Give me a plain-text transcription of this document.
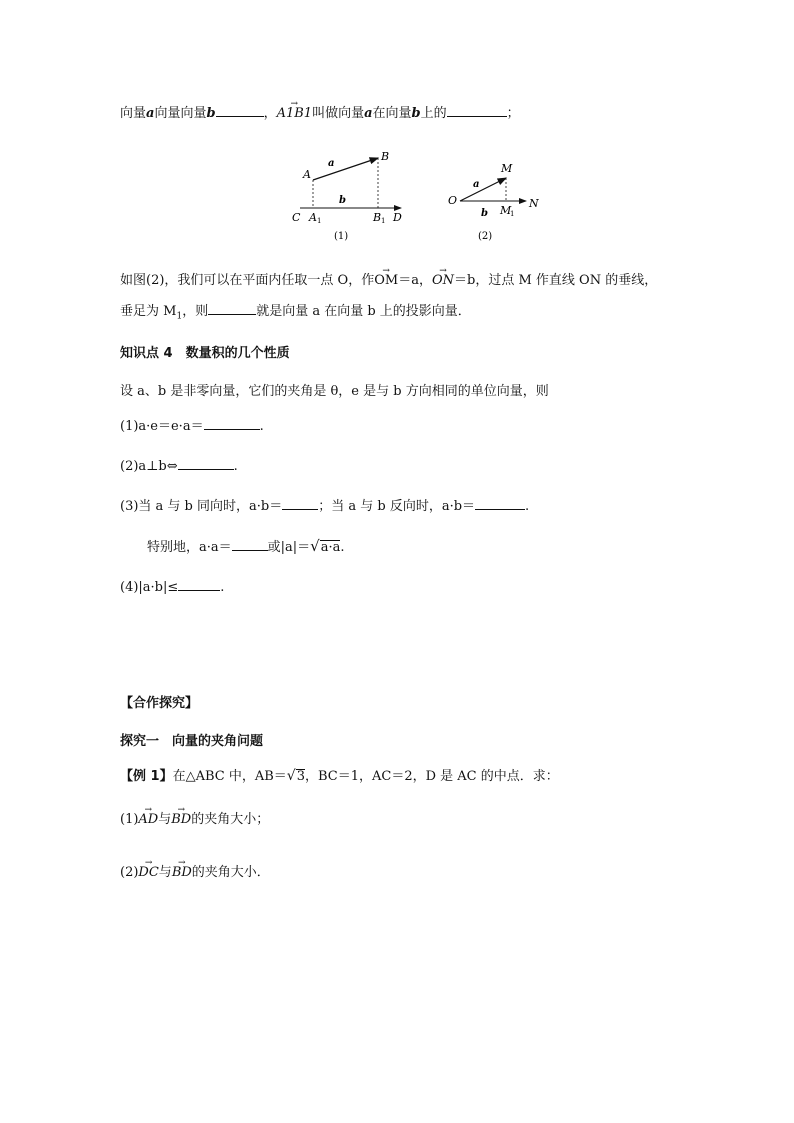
向量a向量向量b	，→ A1B1叫做向量a在向量b上的	；
A
B
a
b
C A 1	B 1 D
(1)
O
M
a
b M
1
N
(2)
如图(2)，我们可以在平面内任取一点 O，作→ OM＝a，→ ON＝b，过点 M 作直线 ON 的垂线，
垂足为 $M_1$，则	就是向量 a 在向量 b 上的投影向量．
知识点 4　数量积的几个性质
设 a、b 是非零向量，它们的夹角是 θ，e 是与 b 方向相同的单位向量，则
(1)a·e＝e·a＝	.
(2)a⊥b⇔	.
(3)当 a 与 b 同向时，a·b＝	；当 a 与 b 反向时，a·b＝	.
特别地，a·a＝	或|a|＝√a·a.
(4)|a·b|≤	.
【合作探究】
探究一　向量的夹角问题
【例 1】在△ABC 中，AB＝√3，BC＝1，AC＝2，D 是 AC 的中点．求：
(1)→ AD与→ BD的夹角大小；
(2)→ DC与→ BD的夹角大小．
